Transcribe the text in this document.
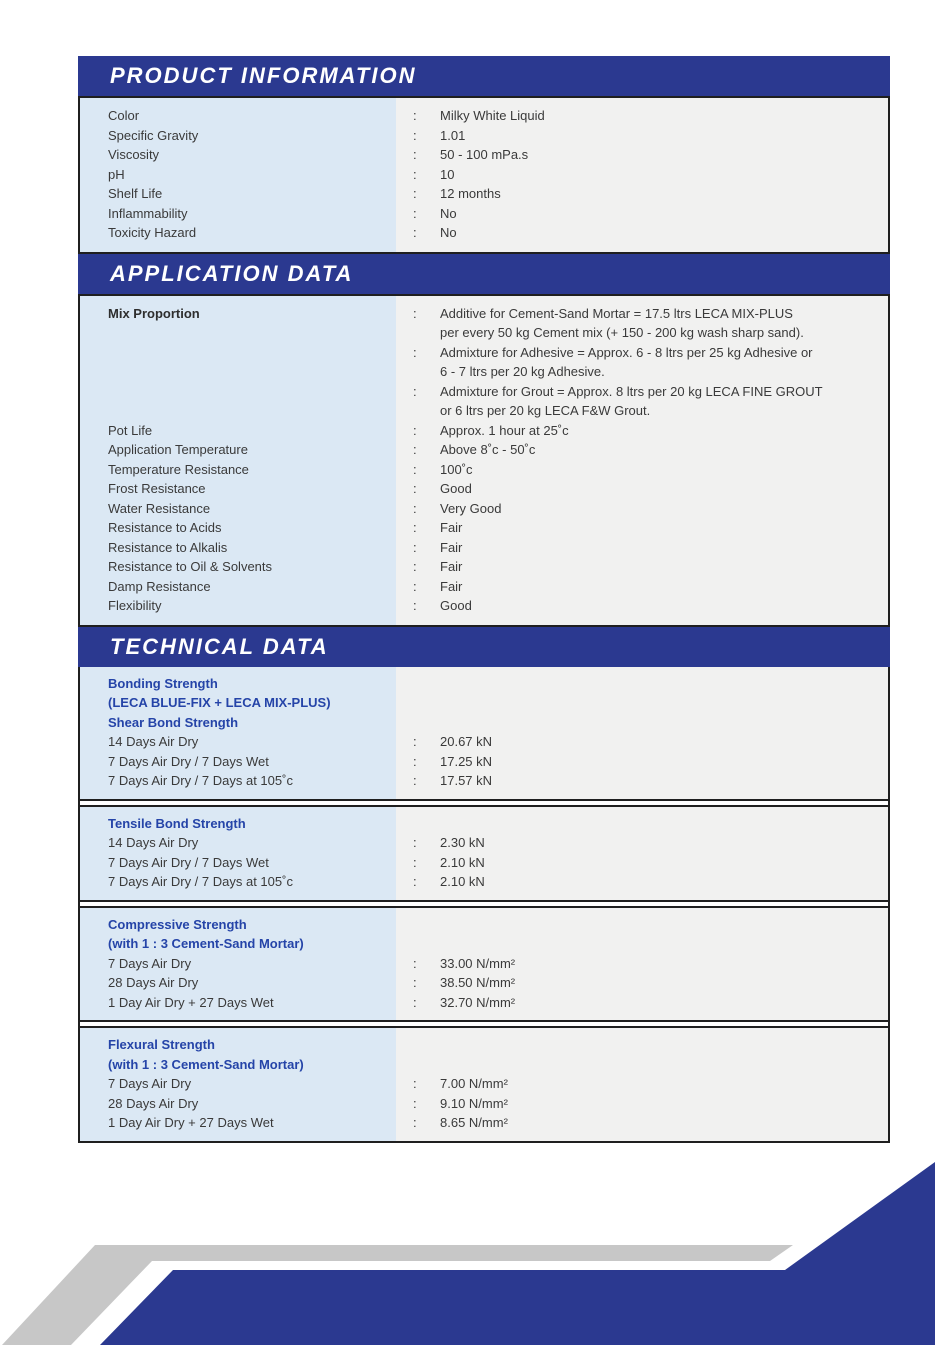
PRODUCT INFORMATION
Color	:	Milky White Liquid
Specific Gravity	:	1.01
Viscosity	:	50 - 100 mPa.s
pH	:	10
Shelf Life	:	12 months
Inflammability	:	No
Toxicity Hazard	:	No
APPLICATION DATA
Mix Proportion	:	Additive for Cement-Sand Mortar = 17.5 ltrs LECA MIX-PLUS
per every 50 kg Cement mix (+ 150 - 200 kg wash sharp sand).
:	Admixture for Adhesive = Approx. 6 - 8 ltrs per 25 kg Adhesive or
6 - 7 ltrs per 20 kg Adhesive.
:	Admixture for Grout = Approx. 8 ltrs per 20 kg LECA FINE GROUT
or 6 ltrs per 20 kg LECA F&W Grout.
Pot Life	:	Approx. 1 hour at 25˚c
Application Temperature	:	Above 8˚c - 50˚c
Temperature Resistance	:	100˚c
Frost Resistance	:	Good
Water Resistance	:	Very Good
Resistance to Acids	:	Fair
Resistance to Alkalis	:	Fair
Resistance to Oil & Solvents	:	Fair
Damp Resistance	:	Fair
Flexibility	:	Good
TECHNICAL DATA
Bonding Strength
(LECA BLUE-FIX + LECA MIX-PLUS)
Shear Bond Strength
14 Days Air Dry	:	20.67 kN
7 Days Air Dry / 7 Days Wet	:	17.25 kN
7 Days Air Dry / 7 Days at 105˚c	:	17.57 kN
Tensile Bond Strength
14 Days Air Dry	:	2.30 kN
7 Days Air Dry / 7 Days Wet	:	2.10 kN
7 Days Air Dry / 7 Days at 105˚c	:	2.10 kN
Compressive Strength
(with 1 : 3 Cement-Sand Mortar)
7 Days Air Dry	:	33.00 N/mm²
28 Days Air Dry	:	38.50 N/mm²
1 Day Air Dry + 27 Days Wet	:	32.70 N/mm²
Flexural Strength
(with 1 : 3 Cement-Sand Mortar)
7 Days Air Dry	:	7.00 N/mm²
28 Days Air Dry	:	9.10 N/mm²
1 Day Air Dry + 27 Days Wet	:	8.65 N/mm²
